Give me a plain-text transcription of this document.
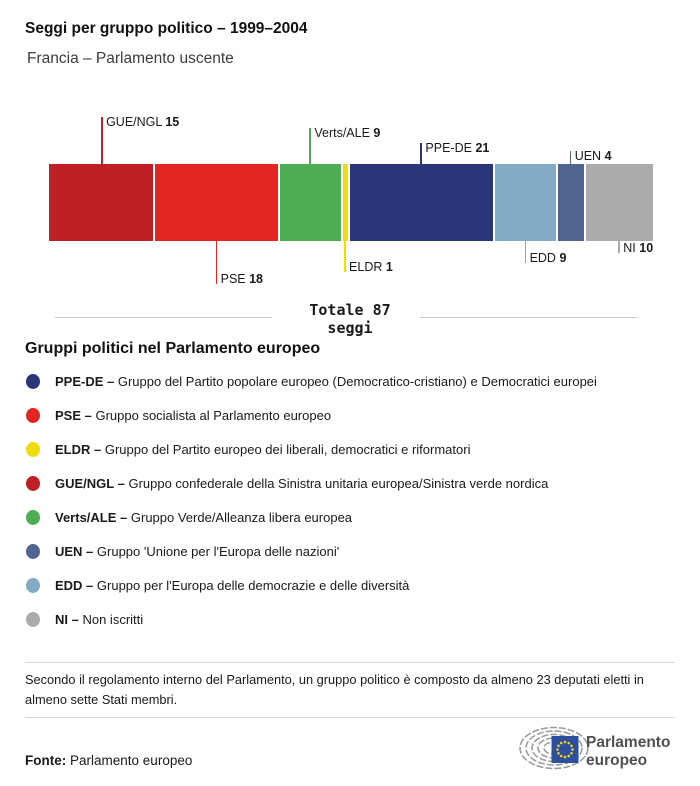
Seggi per gruppo politico – 1999–2004
Francia – Parlamento uscente
GUE/NGL 15
PSE 18
Verts/ALE 9
ELDR 1
PPE-DE 21
EDD 9
UEN 4
NI 10
Totale 87
seggi
Gruppi politici nel Parlamento europeo
PPE-DE – Gruppo del Partito popolare europeo (Democratico-cristiano) e Democratici europei
PSE – Gruppo socialista al Parlamento europeo
ELDR – Gruppo del Partito europeo dei liberali, democratici e riformatori
GUE/NGL – Gruppo confederale della Sinistra unitaria europea/Sinistra verde nordica
Verts/ALE – Gruppo Verde/Alleanza libera europea
UEN – Gruppo 'Unione per l'Europa delle nazioni'
EDD – Gruppo per l'Europa delle democrazie e delle diversità
NI – Non iscritti
Secondo il regolamento interno del Parlamento, un gruppo politico è composto da almeno 23 deputati eletti in almeno sette Stati membri.
Fonte: Parlamento europeo
Parlamento
europeo
